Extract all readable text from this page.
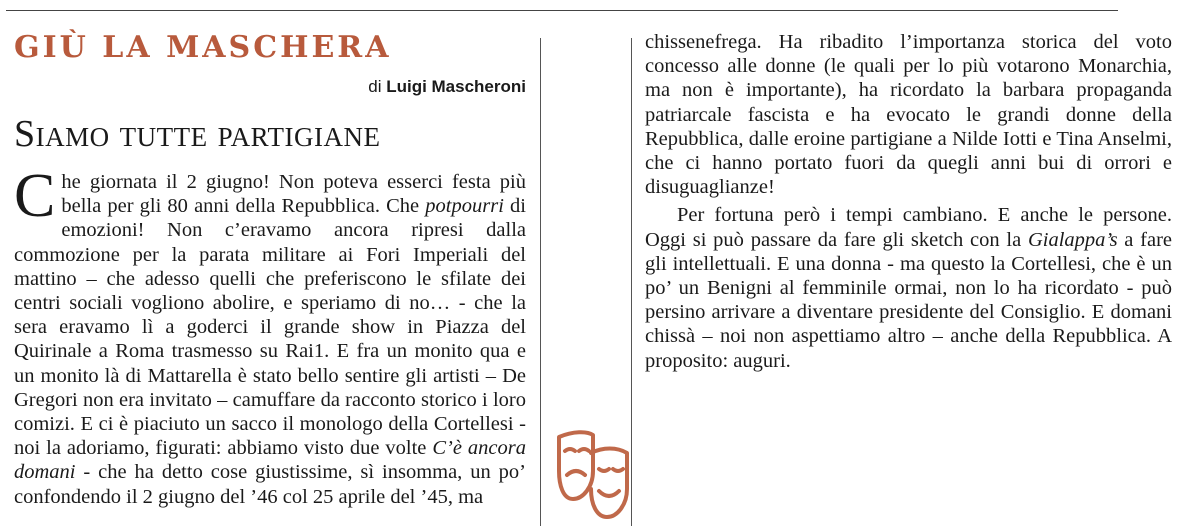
GIÙ LA MASCHERA
di Luigi Mascheroni
Siamo tutte partigiane

Che giornata il 2 giugno! Non poteva esserci festa più bella per gli 80 anni della Repubblica. Che potpourri di emozioni! Non c’eravamo ancora ripresi dalla commozione per la parata militare ai Fori Imperiali del mattino – che adesso quelli che preferiscono le sfilate dei centri sociali vogliono abolire, e speriamo di no… - che la sera eravamo lì a goderci il grande show in Piazza del Quirinale a Roma trasmesso su Rai1. E fra un monito qua e un monito là di Mattarella è stato bello sentire gli artisti – De Gregori non era invitato – camuffare da racconto storico i loro comizi. E ci è piaciuto un sacco il monologo della Cortellesi - noi la adoriamo, figurati: abbiamo visto due volte C’è ancora domani - che ha detto cose giustissime, sì insomma, un po’ confondendo il 2 giugno del ’46 col 25 aprile del ’45, ma

chissenefrega. Ha ribadito l’importanza storica del voto concesso alle donne (le quali per lo più votarono Monarchia, ma non è importante), ha ricordato la barbara propaganda patriarcale fascista e ha evocato le grandi donne della Repubblica, dalle eroine partigiane a Nilde Iotti e Tina Anselmi, che ci hanno portato fuori da quegli anni bui di orrori e disuguaglianze!

Per fortuna però i tempi cambiano. E anche le persone. Oggi si può passare da fare gli sketch con la Gialappa’s a fare gli intellettuali. E una donna - ma questo la Cortellesi, che è un po’ un Benigni al femminile ormai, non lo ha ricordato - può persino arrivare a diventare presidente del Consiglio. E domani chissà – noi non aspettiamo altro – anche della Repubblica. A proposito: auguri.
